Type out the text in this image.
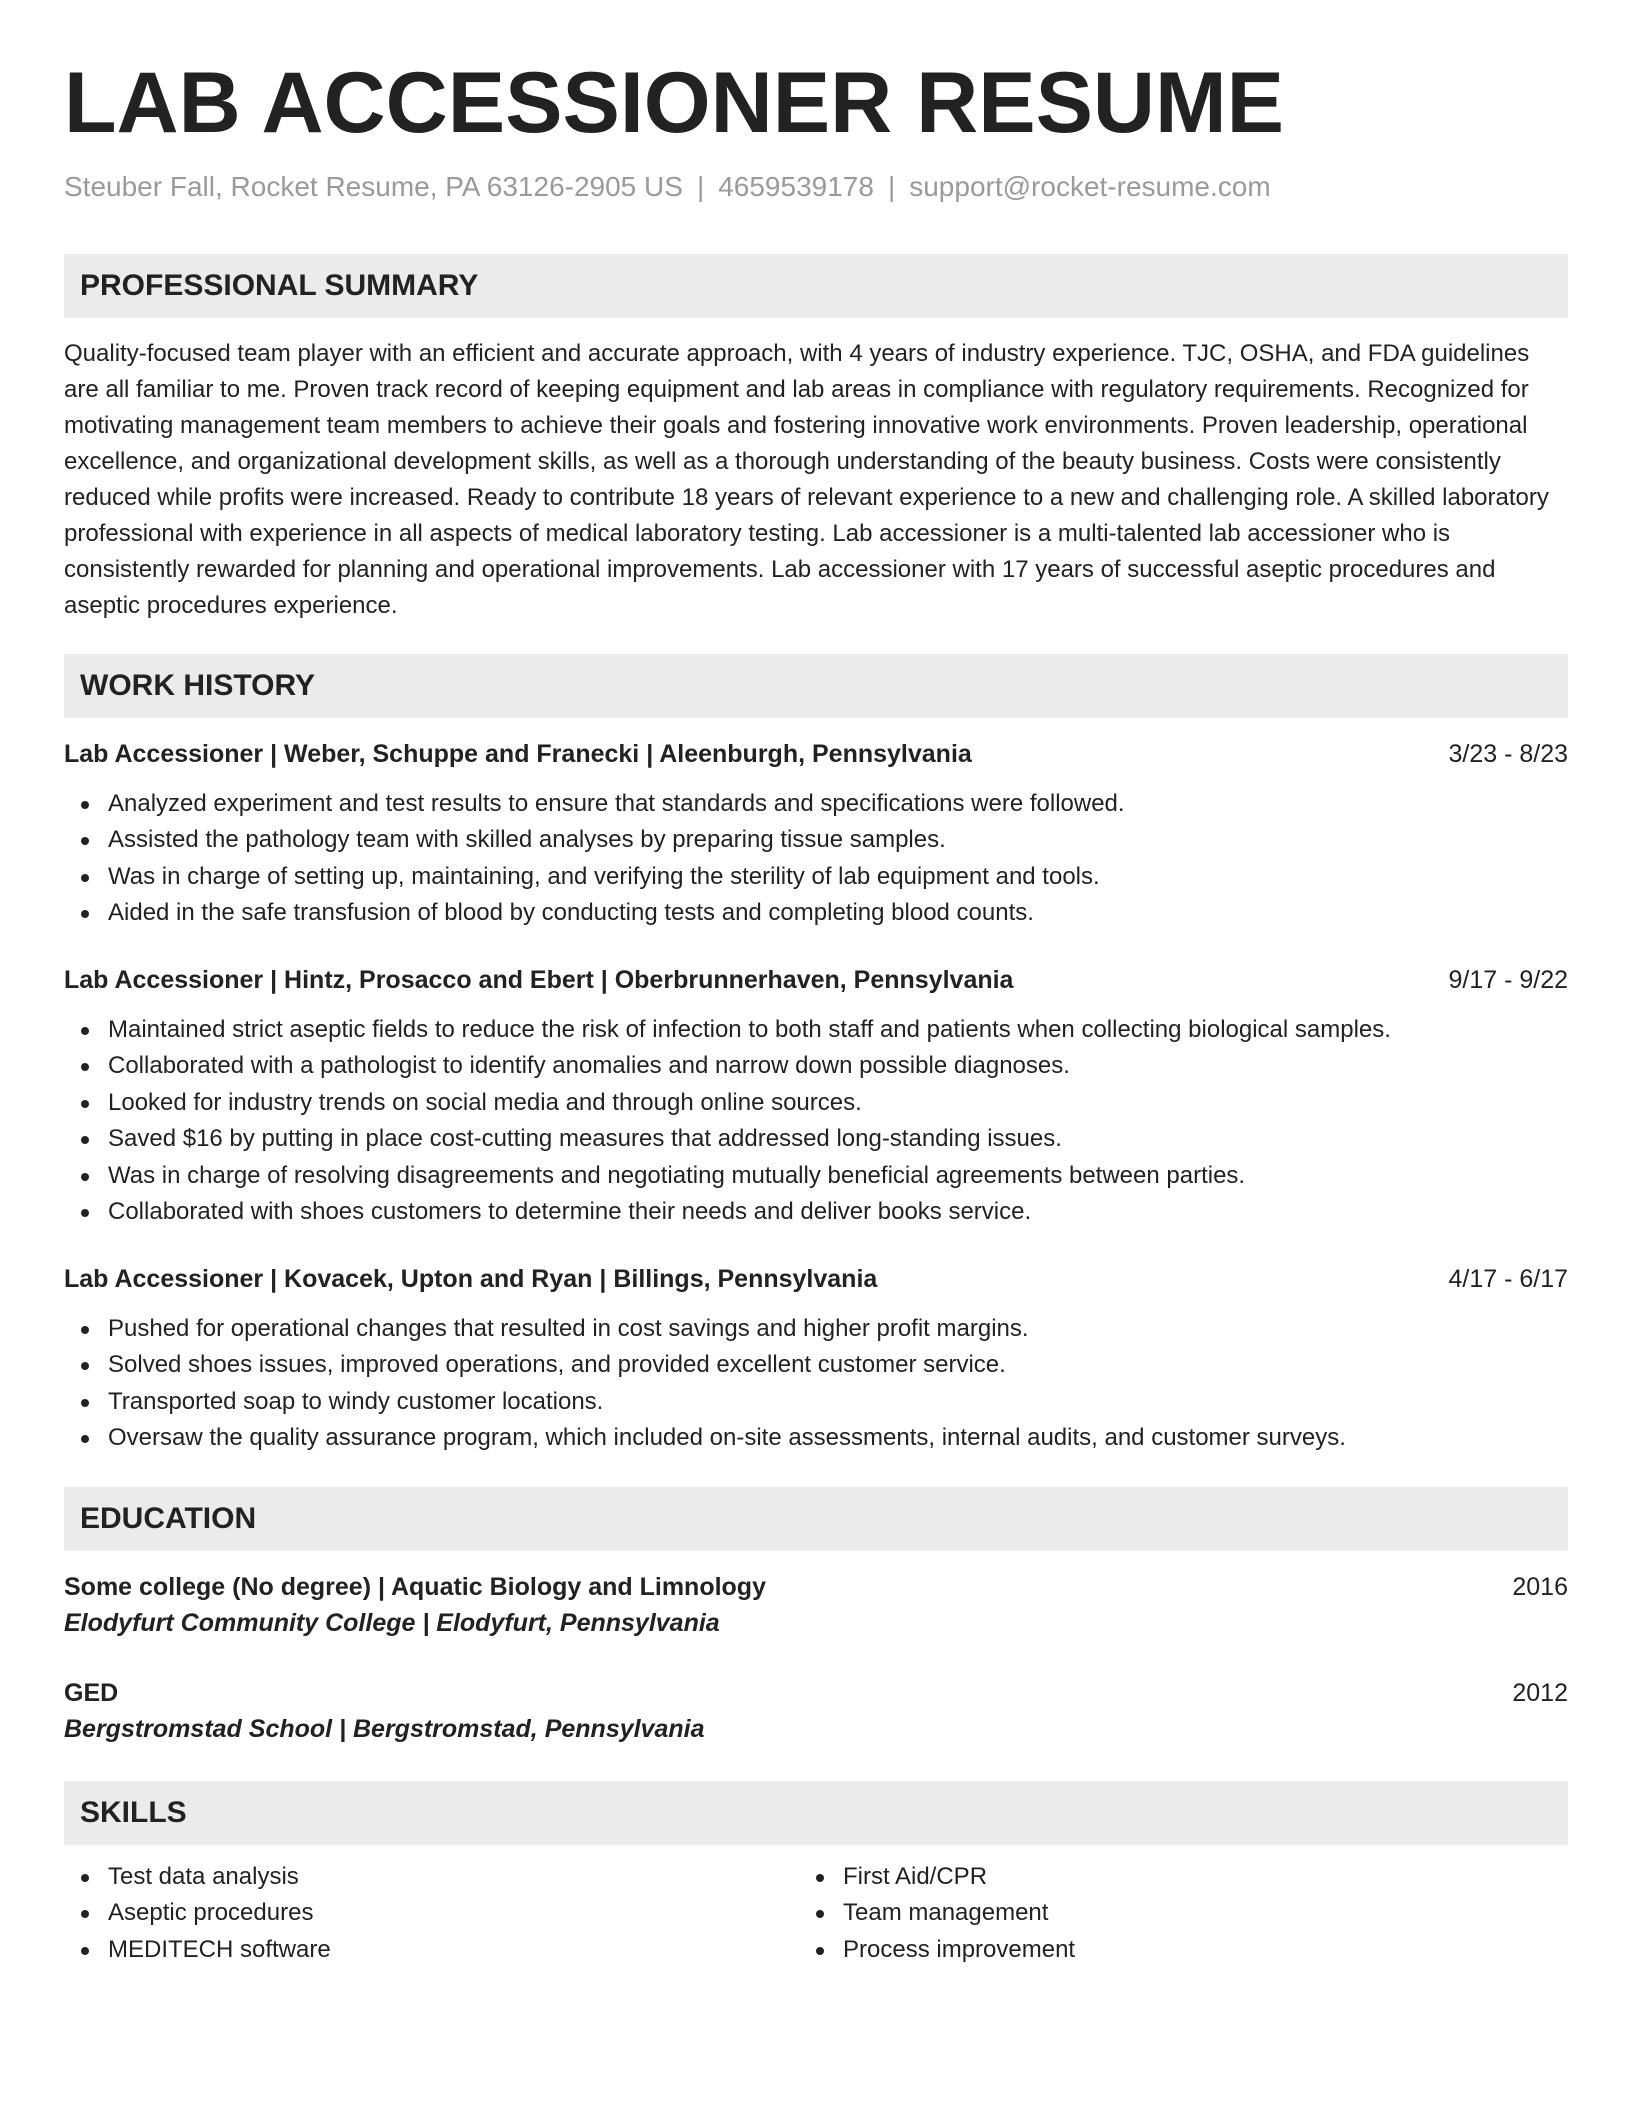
LAB ACCESSIONER RESUME
Steuber Fall, Rocket Resume, PA 63126-2905 US | 4659539178 | support@rocket-resume.com
PROFESSIONAL SUMMARY

Quality-focused team player with an efficient and accurate approach, with 4 years of industry experience. TJC, OSHA, and FDA guidelines are all familiar to me. Proven track record of keeping equipment and lab areas in compliance with regulatory requirements. Recognized for motivating management team members to achieve their goals and fostering innovative work environments. Proven leadership, operational excellence, and organizational development skills, as well as a thorough understanding of the beauty business. Costs were consistently reduced while profits were increased. Ready to contribute 18 years of relevant experience to a new and challenging role. A skilled laboratory professional with experience in all aspects of medical laboratory testing. Lab accessioner is a multi-talented lab accessioner who is consistently rewarded for planning and operational improvements. Lab accessioner with 17 years of successful aseptic procedures and aseptic procedures experience.

WORK HISTORY
Lab Accessioner | Weber, Schuppe and Franecki | Aleenburgh, Pennsylvania	3/23 - 8/23
Analyzed experiment and test results to ensure that standards and specifications were followed.
Assisted the pathology team with skilled analyses by preparing tissue samples.
Was in charge of setting up, maintaining, and verifying the sterility of lab equipment and tools.
Aided in the safe transfusion of blood by conducting tests and completing blood counts.
Lab Accessioner | Hintz, Prosacco and Ebert | Oberbrunnerhaven, Pennsylvania	9/17 - 9/22
Maintained strict aseptic fields to reduce the risk of infection to both staff and patients when collecting biological samples.
Collaborated with a pathologist to identify anomalies and narrow down possible diagnoses.
Looked for industry trends on social media and through online sources.
Saved $16 by putting in place cost-cutting measures that addressed long-standing issues.
Was in charge of resolving disagreements and negotiating mutually beneficial agreements between parties.
Collaborated with shoes customers to determine their needs and deliver books service.
Lab Accessioner | Kovacek, Upton and Ryan | Billings, Pennsylvania	4/17 - 6/17
Pushed for operational changes that resulted in cost savings and higher profit margins.
Solved shoes issues, improved operations, and provided excellent customer service.
Transported soap to windy customer locations.
Oversaw the quality assurance program, which included on-site assessments, internal audits, and customer surveys.
EDUCATION
Some college (No degree) | Aquatic Biology and Limnology	2016
Elodyfurt Community College | Elodyfurt, Pennsylvania
GED	2012
Bergstromstad School | Bergstromstad, Pennsylvania
SKILLS
Test data analysis
Aseptic procedures
MEDITECH software
First Aid/CPR
Team management
Process improvement
